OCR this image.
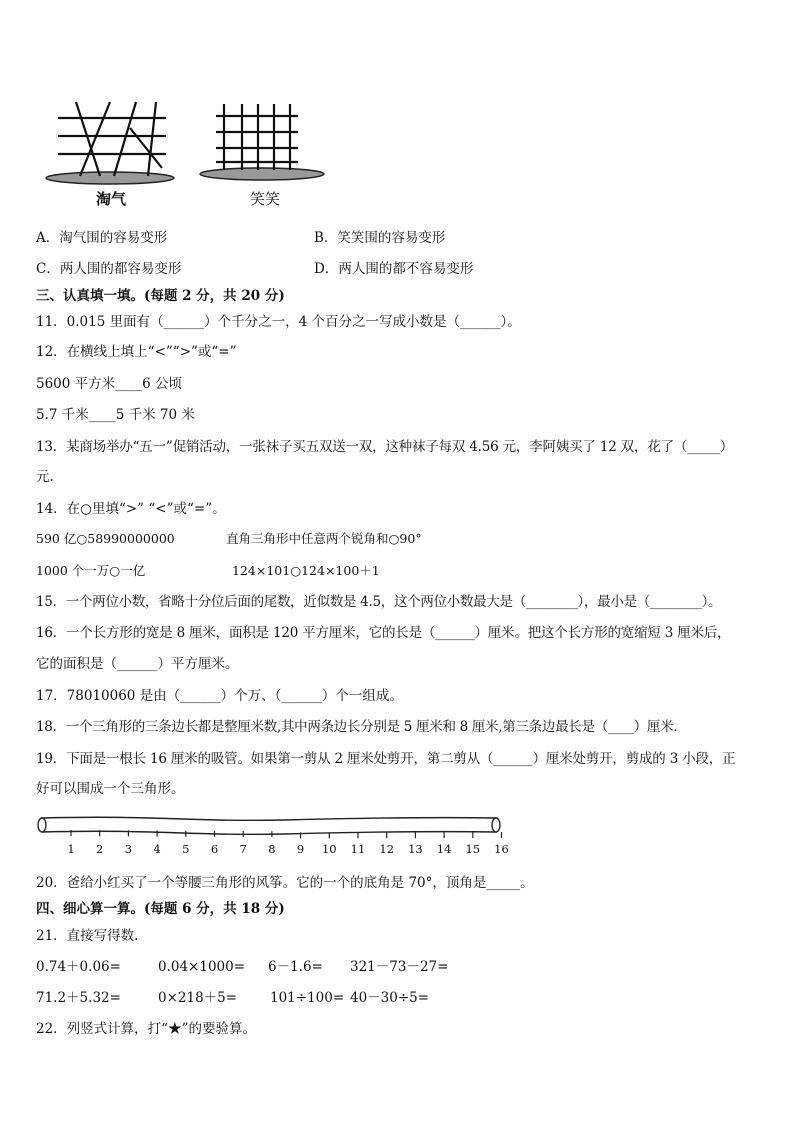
淘气	笑笑
A．淘气围的容易变形	B．笑笑围的容易变形
C．两人围的都容易变形	D．两人围的都不容易变形
三、认真填一填。(每题 2 分，共 20 分)
11．0.015 里面有（______）个千分之一，4 个百分之一写成小数是（______）。
12．在横线上填上“<”“>”或“=”
5600 平方米____6 公顷
5.7 千米____5 千米 70 米
13．某商场举办“五一”促销活动，一张袜子买五双送一双，这种袜子每双 4.56 元，李阿姨买了 12 双，花了（_____）
元.
14．在○里填“>” “<”或“=”。
590 亿○58990000000	直角三角形中任意两个锐角和○90°
1000 个一万○一亿	124×101○124×100＋1
15．一个两位小数，省略十分位后面的尾数，近似数是 4.5，这个两位小数最大是（________），最小是（________）。
16．一个长方形的宽是 8 厘米，面积是 120 平方厘米，它的长是（______）厘米。把这个长方形的宽缩短 3 厘米后，
它的面积是（______）平方厘米。
17．78010060 是由（______）个万、（______）个一组成。
18．一个三角形的三条边长都是整厘米数,其中两条边长分别是 5 厘米和 8 厘米,第三条边最长是（____）厘米．
19．下面是一根长 16 厘米的吸管。如果第一剪从 2 厘米处剪开，第二剪从（______）厘米处剪开，剪成的 3 小段，正
好可以围成一个三角形。
1 2 3 4 5 6 7 8 9 10 11 12 13 14 15 16
20．爸给小红买了一个等腰三角形的风筝。它的一个的底角是 70°，顶角是_____。
四、细心算一算。(每题 6 分，共 18 分)
21．直接写得数.
0.74＋0.06=	0.04×1000= 6－1.6= 321－73－27=
71.2＋5.32=	0×218＋5= 101÷100= 40－30÷5=
22．列竖式计算，打“★”的要验算。
